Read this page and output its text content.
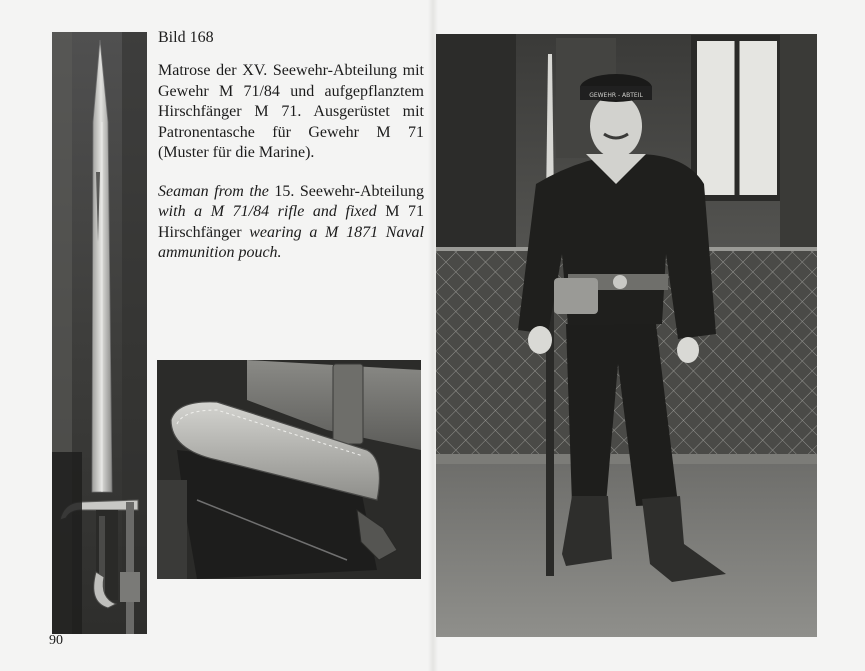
Bild 168

Matrose der XV. Seewehr-Abteilung mit Gewehr M 71/84 und aufgepflanztem Hirschfänger M 71. Ausgerüstet mit Patronentasche für Gewehr M 71 (Muster für die Marine).

Seaman from the 15. Seewehr-Abteilung with a M 71/84 rifle and fixed M 71 Hirschfänger wearing a M 1871 Naval ammunition pouch.

GEWEHR - ABTEIL
90
